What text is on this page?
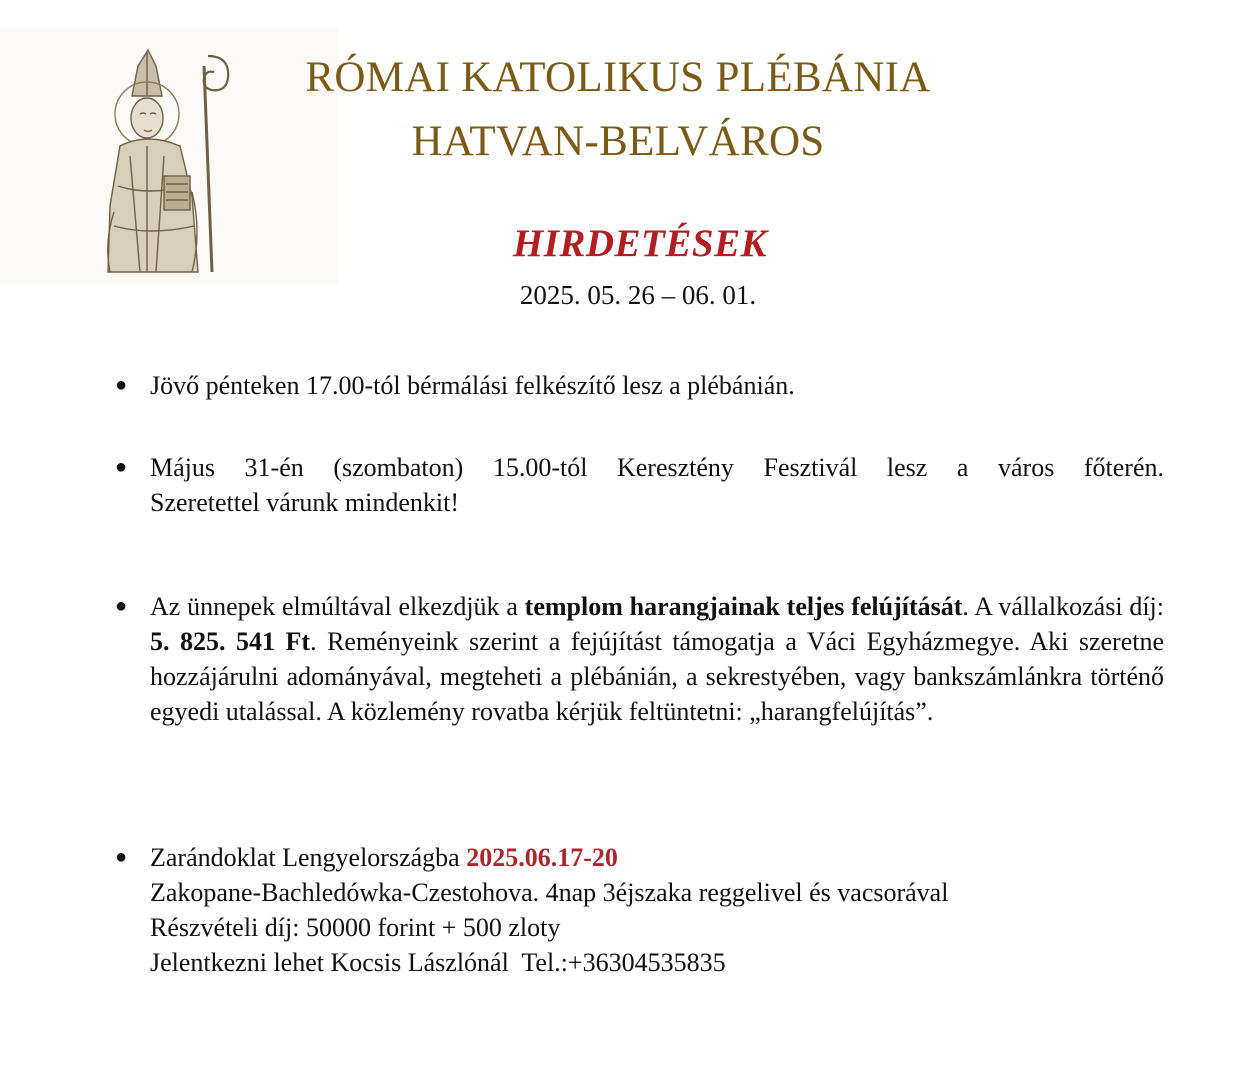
RÓMAI KATOLIKUS PLÉBÁNIA
HATVAN-BELVÁROS
HIRDETÉSEK
2025. 05. 26 – 06. 01.
● Jövő pénteken 17.00-tól bérmálási felkészítő lesz a plébánián.

● Május 31-én (szombaton) 15.00-tól Keresztény Fesztivál lesz a város főterén.

Szeretettel várunk mindenkit!

● Az ünnepek elmúltával elkezdjük a templom harangjainak teljes felújítását. A vállalkozási díj: 5. 825. 541 Ft. Reményeink szerint a fejújítást támogatja a Váci Egyházmegye. Aki szeretne hozzájárulni adományával, megteheti a plébánián, a sekrestyében, vagy bankszámlánkra történő egyedi utalással. A közlemény rovatba kérjük feltüntetni: „harangfelújítás”.

● Zarándoklat Lengyelországba 2025.06.17-20

Zakopane-Bachledówka-Czestohova. 4nap 3éjszaka reggelivel és vacsorával

Részvételi díj: 50000 forint + 500 zloty

Jelentkezni lehet Kocsis Lászlónál  Tel.:+36304535835
